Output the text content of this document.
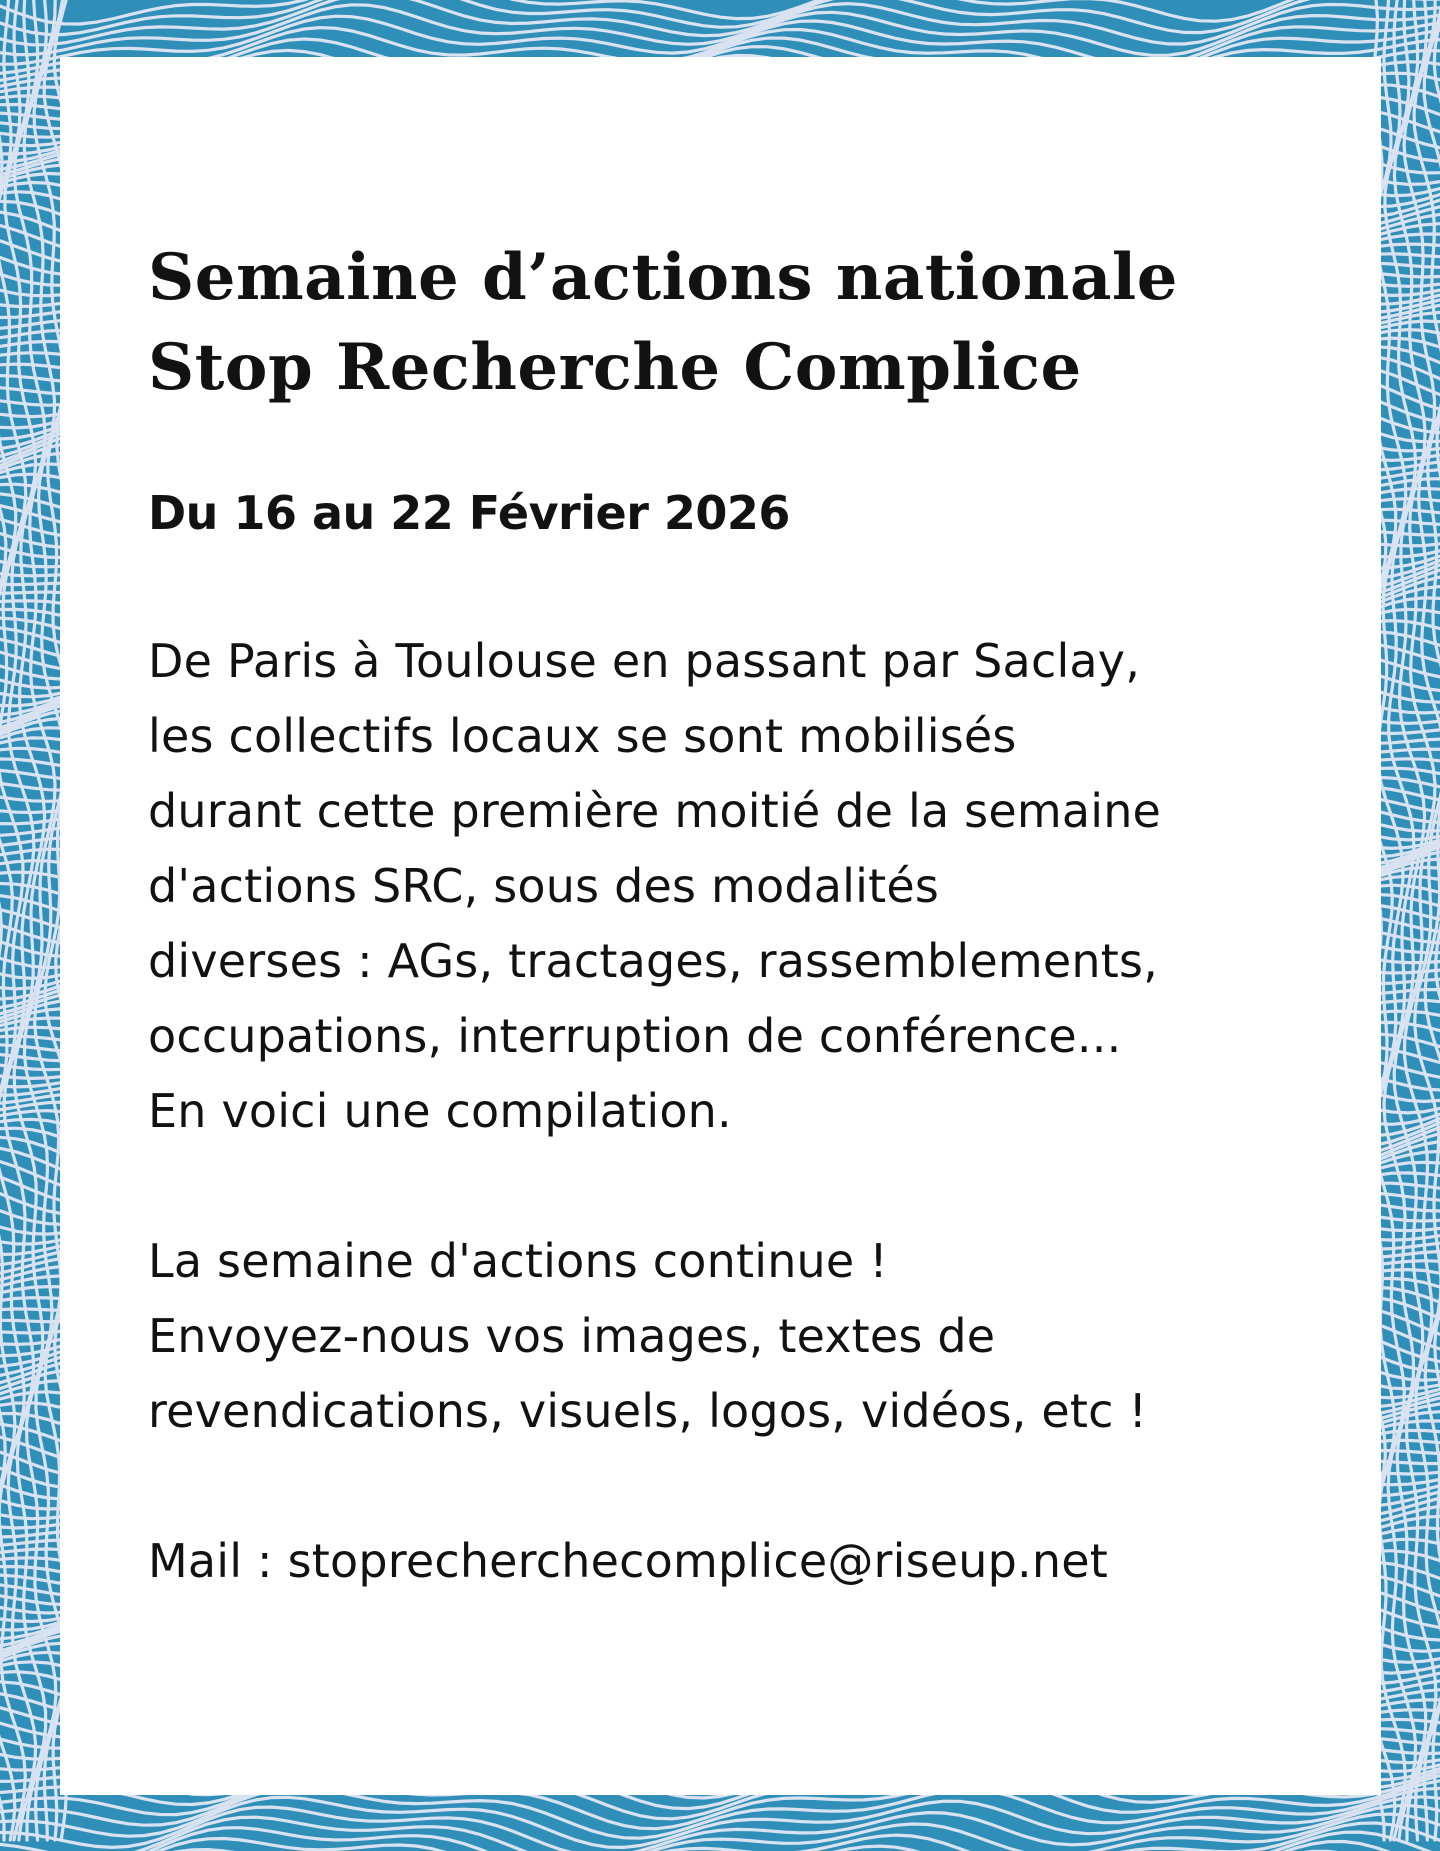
Semaine d’actions nationale
Stop Recherche Complice

Du 16 au 22 Février 2026

De Paris à Toulouse en passant par Saclay,
les collectifs locaux se sont mobilisés
durant cette première moitié de la semaine
d'actions SRC, sous des modalités
diverses : AGs, tractages, rassemblements,
occupations, interruption de conférence...
En voici une compilation.

La semaine d'actions continue !
Envoyez-nous vos images, textes de
revendications, visuels, logos, vidéos, etc !

Mail : stoprecherchecomplice@riseup.net
